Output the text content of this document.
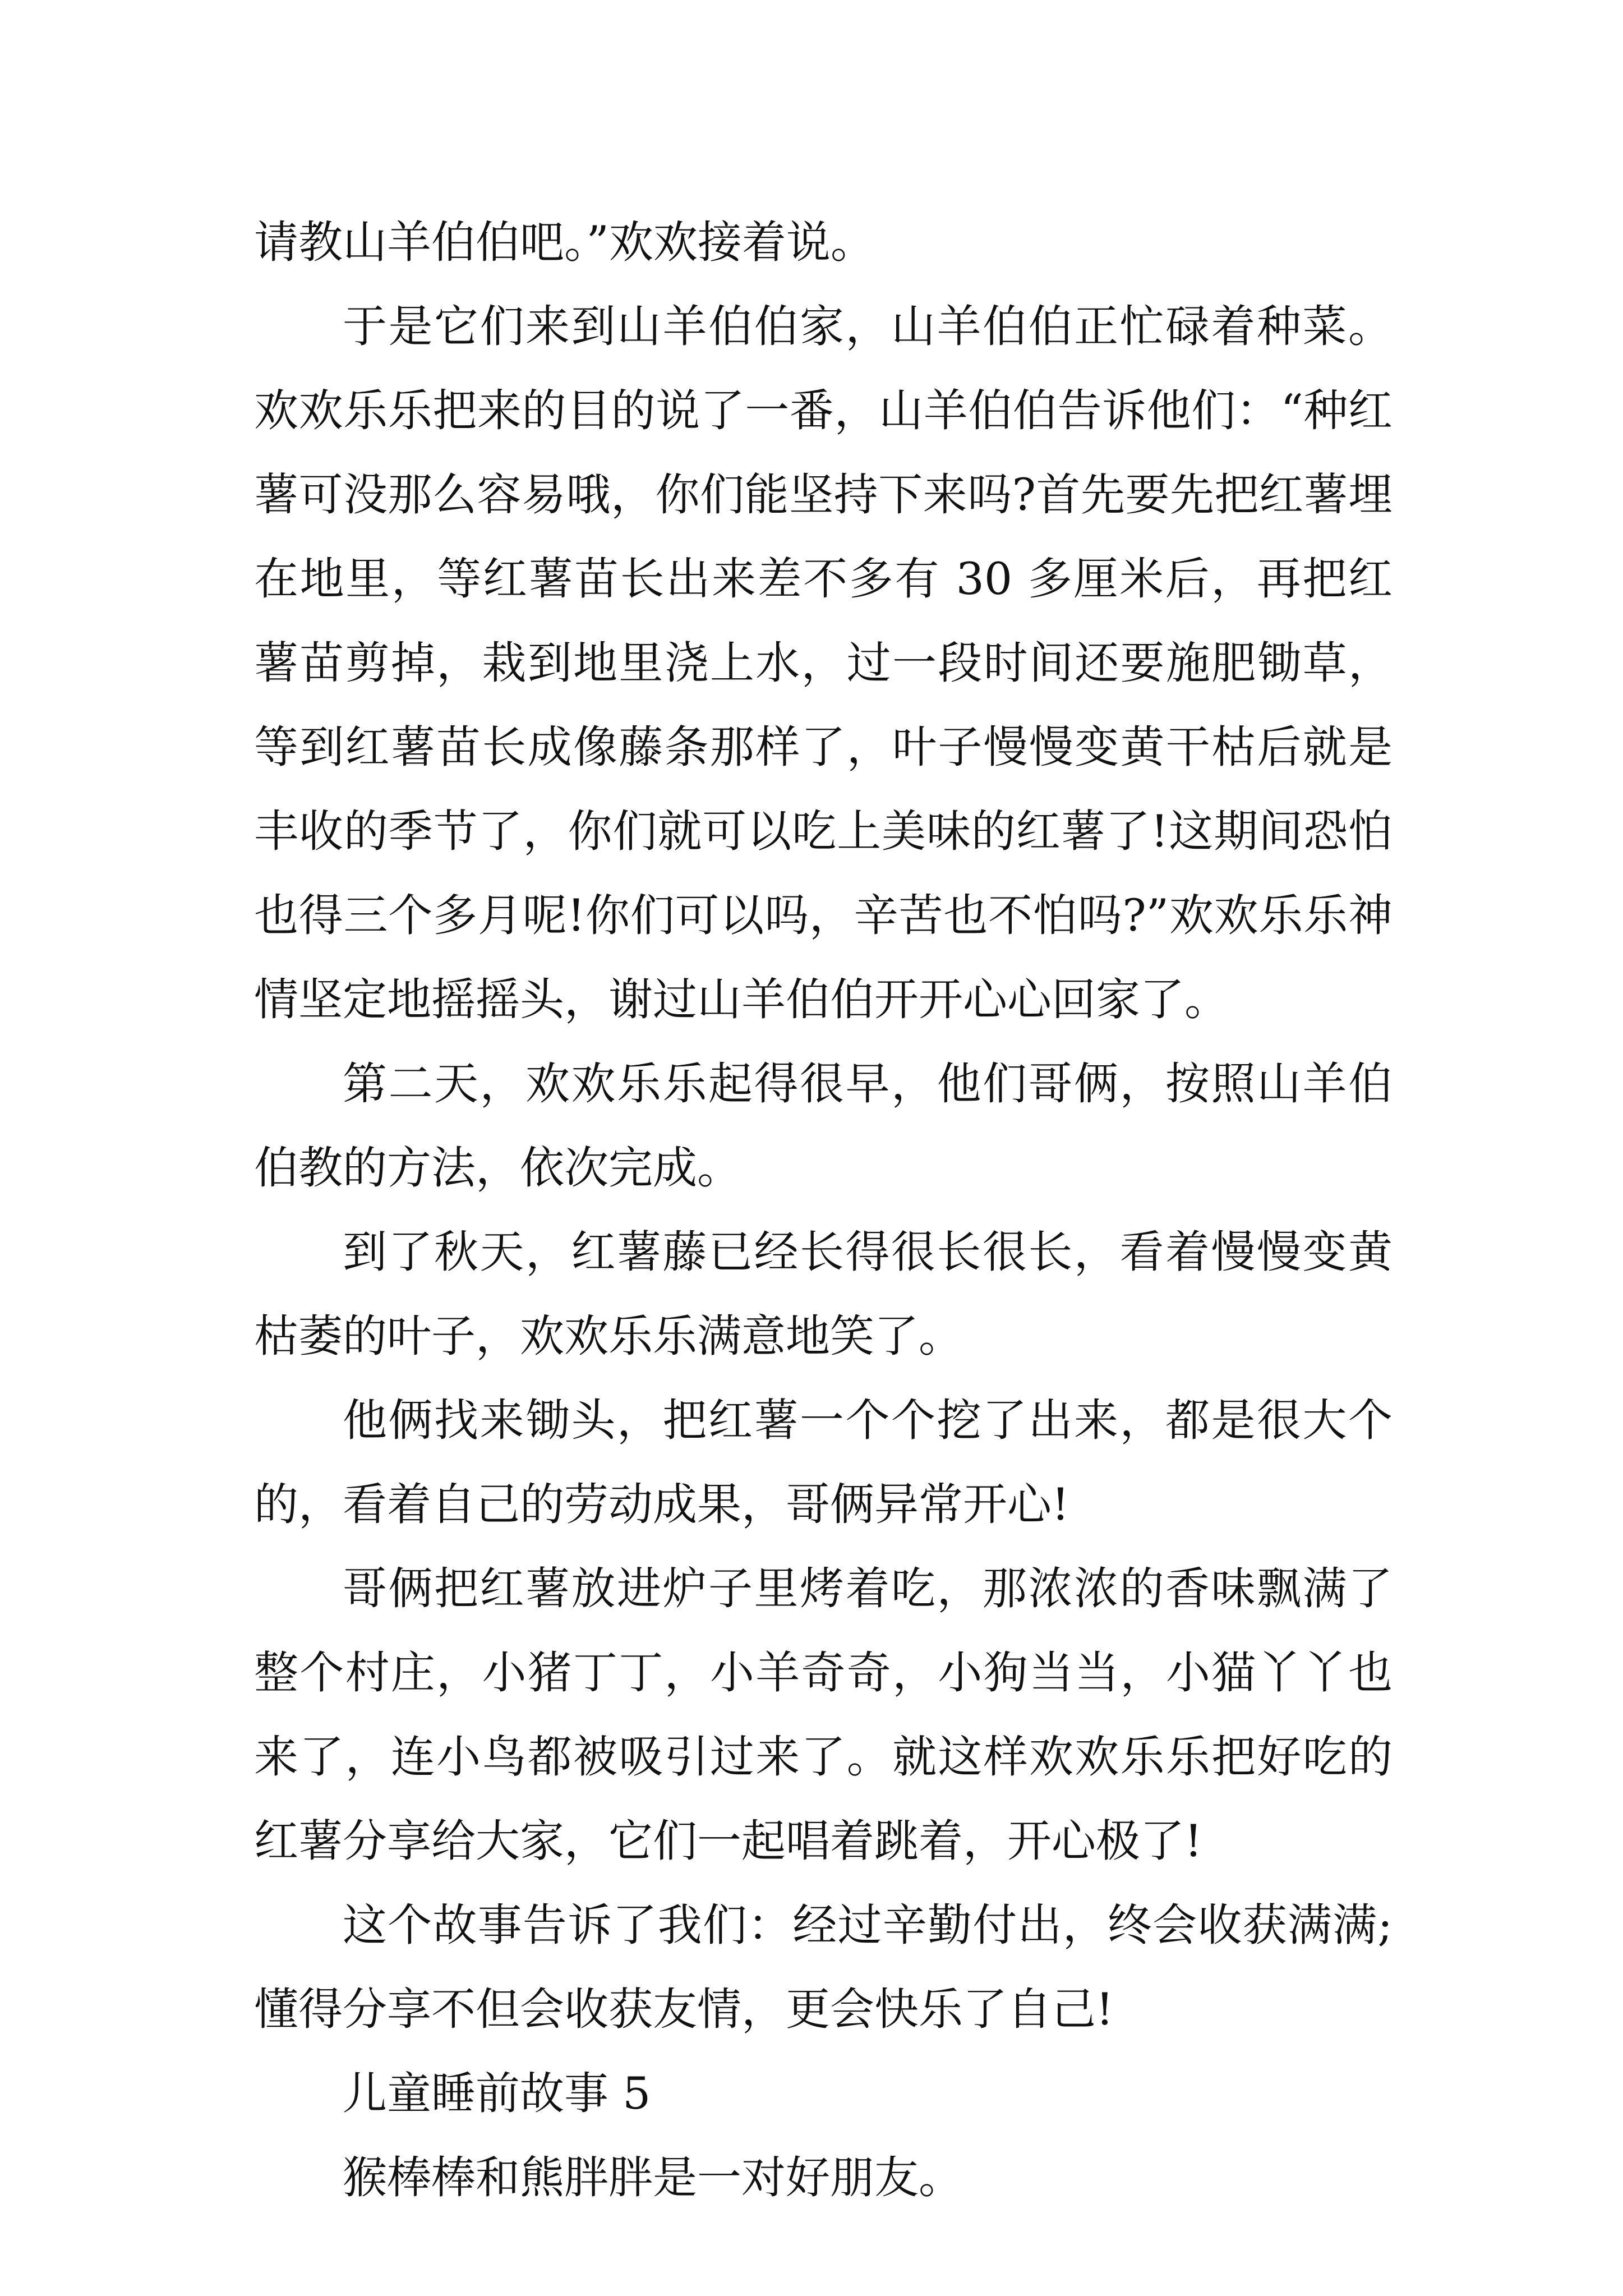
请教山羊伯伯吧。”欢欢接着说。

于是它们来到山羊伯伯家，山羊伯伯正忙碌着种菜。欢欢乐乐把来的目的说了一番，山羊伯伯告诉他们：“种红薯可没那么容易哦，你们能坚持下来吗?首先要先把红薯埋在地里，等红薯苗长出来差不多有 30 多厘米后，再把红薯苗剪掉，栽到地里浇上水，过一段时间还要施肥锄草，等到红薯苗长成像藤条那样了，叶子慢慢变黄干枯后就是丰收的季节了，你们就可以吃上美味的红薯了!这期间恐怕也得三个多月呢!你们可以吗，辛苦也不怕吗?”欢欢乐乐神情坚定地摇摇头，谢过山羊伯伯开开心心回家了。

第二天，欢欢乐乐起得很早，他们哥俩，按照山羊伯伯教的方法，依次完成。

到了秋天，红薯藤已经长得很长很长，看着慢慢变黄枯萎的叶子，欢欢乐乐满意地笑了。

他俩找来锄头，把红薯一个个挖了出来，都是很大个的，看着自己的劳动成果，哥俩异常开心!

哥俩把红薯放进炉子里烤着吃，那浓浓的香味飘满了整个村庄，小猪丁丁，小羊奇奇，小狗当当，小猫丫丫也来了，连小鸟都被吸引过来了。就这样欢欢乐乐把好吃的红薯分享给大家，它们一起唱着跳着，开心极了!

这个故事告诉了我们：经过辛勤付出，终会收获满满;懂得分享不但会收获友情，更会快乐了自己!

儿童睡前故事 5

猴棒棒和熊胖胖是一对好朋友。
